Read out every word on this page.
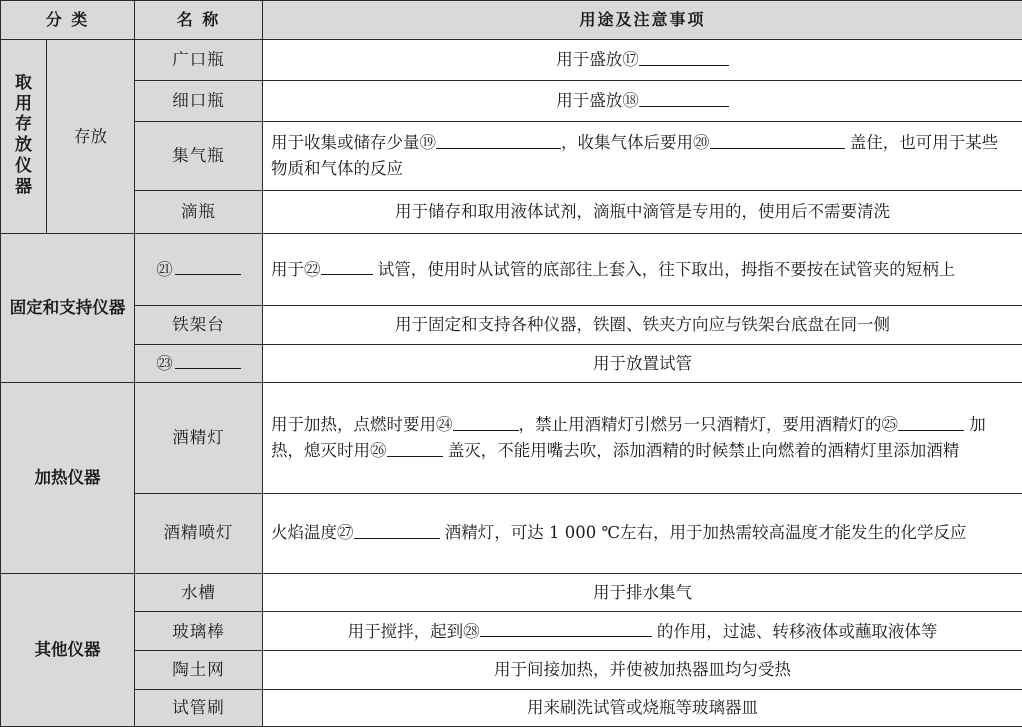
分 类		名 称	用途及注意事项
取用存放仪器	存放	广口瓶	用于盛放⑰
		细口瓶	用于盛放⑱
		集气瓶	用于收集或储存少量⑲ ，收集气体后要用⑳ 盖住，也可用于某些物质和气体的反应
		滴瓶	用于储存和取用液体试剂，滴瓶中滴管是专用的，使用后不需要清洗
固定和支持仪器		㉑	用于㉒ 试管，使用时从试管的底部往上套入，往下取出，拇指不要按在试管夹的短柄上
		铁架台	用于固定和支持各种仪器，铁圈、铁夹方向应与铁架台底盘在同一侧
		㉓	用于放置试管
加热仪器		酒精灯	用于加热，点燃时要用㉔ ，禁止用酒精灯引燃另一只酒精灯，要用酒精灯的㉕ 加热，熄灭时用㉖ 盖灭，不能用嘴去吹，添加酒精的时候禁止向燃着的酒精灯里添加酒精
		酒精喷灯	火焰温度㉗ 酒精灯，可达 1 000 ℃左右，用于加热需较高温度才能发生的化学反应
其他仪器		水槽	用于排水集气
		玻璃棒	用于搅拌，起到㉘ 的作用，过滤、转移液体或蘸取液体等
		陶土网	用于间接加热，并使被加热器皿均匀受热
		试管刷	用来刷洗试管或烧瓶等玻璃器皿
